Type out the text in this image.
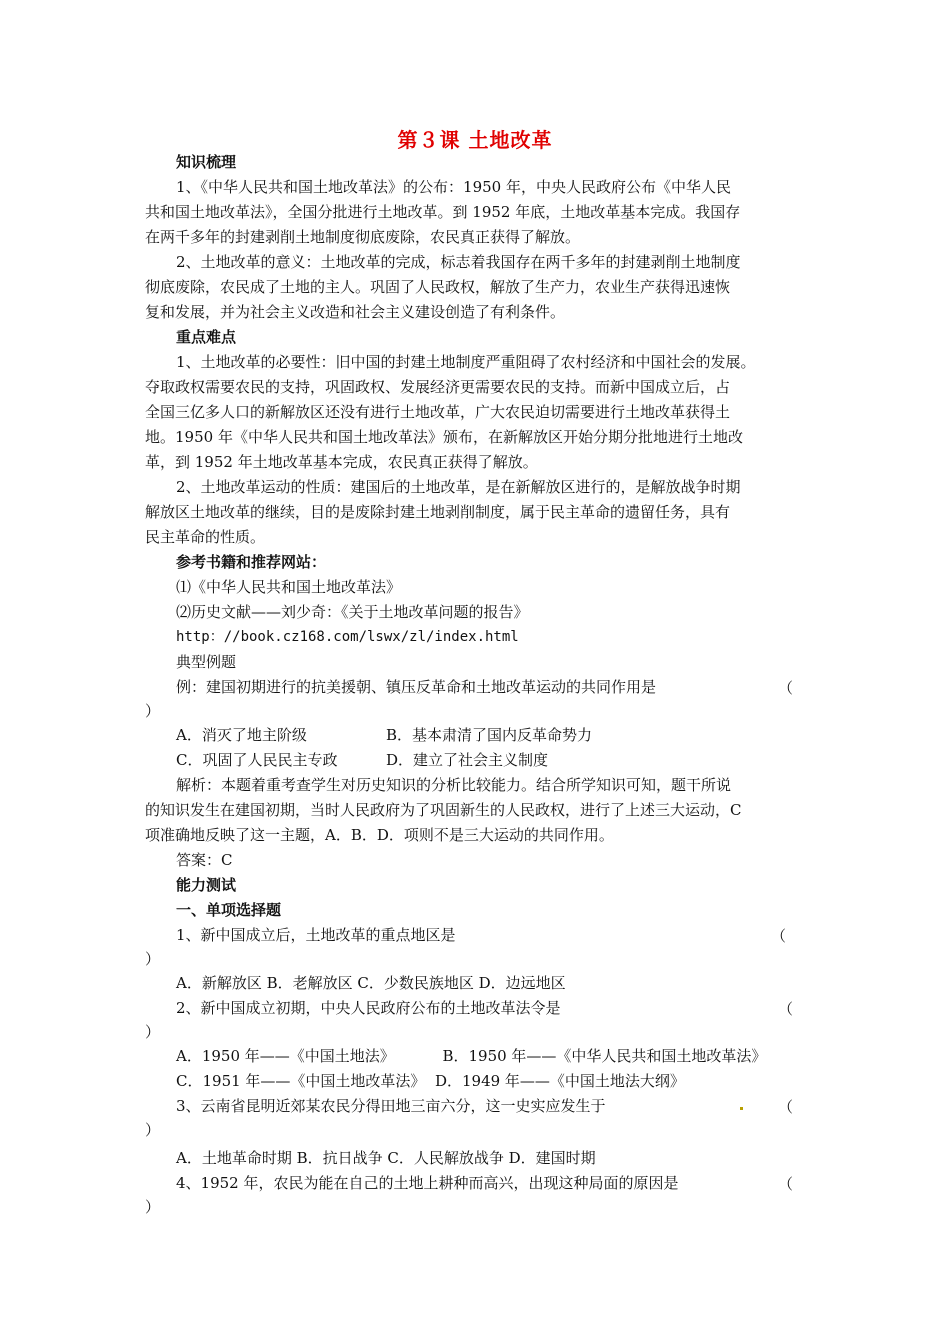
第３课 土地改革
知识梳理
1、《中华人民共和国土地改革法》的公布：1950 年，中央人民政府公布《中华人民
共和国土地改革法》，全国分批进行土地改革。到 1952 年底，土地改革基本完成。我国存
在两千多年的封建剥削土地制度彻底废除，农民真正获得了解放。
2、土地改革的意义：土地改革的完成，标志着我国存在两千多年的封建剥削土地制度
彻底废除，农民成了土地的主人。巩固了人民政权，解放了生产力，农业生产获得迅速恢
复和发展，并为社会主义改造和社会主义建设创造了有利条件。
重点难点
1、土地改革的必要性：旧中国的封建土地制度严重阻碍了农村经济和中国社会的发展。
夺取政权需要农民的支持，巩固政权、发展经济更需要农民的支持。而新中国成立后，占
全国三亿多人口的新解放区还没有进行土地改革，广大农民迫切需要进行土地改革获得土
地。1950 年《中华人民共和国土地改革法》颁布，在新解放区开始分期分批地进行土地改
革，到 1952 年土地改革基本完成，农民真正获得了解放。
2、土地改革运动的性质：建国后的土地改革，是在新解放区进行的，是解放战争时期
解放区土地改革的继续，目的是废除封建土地剥削制度，属于民主革命的遗留任务，具有
民主革命的性质。
参考书籍和推荐网站：
⑴《中华人民共和国土地改革法》
⑵历史文献——刘少奇：《关于土地改革问题的报告》
http：//book.cz168.com/lswx/zl/index.html
典型例题
例：建国初期进行的抗美援朝、镇压反革命和土地改革运动的共同作用是	（
）
A．消灭了地主阶级	B．基本肃清了国内反革命势力
C．巩固了人民民主专政	D．建立了社会主义制度
解析：本题着重考查学生对历史知识的分析比较能力。结合所学知识可知，题干所说
的知识发生在建国初期，当时人民政府为了巩固新生的人民政权，进行了上述三大运动，C
项准确地反映了这一主题，A．B．D．项则不是三大运动的共同作用。
答案：C
能力测试
一、单项选择题
1、新中国成立后，土地改革的重点地区是	（
）
A．新解放区 B．老解放区 C．少数民族地区 D．边远地区
2、新中国成立初期，中央人民政府公布的土地改革法令是	（
）
A．1950 年——《中国土地法》          B．1950 年——《中华人民共和国土地改革法》
C．1951 年——《中国土地改革法》  D．1949 年——《中国土地法大纲》
3、云南省昆明近郊某农民分得田地三亩六分，这一史实应发生于	（
）
A．土地革命时期 B．抗日战争 C．人民解放战争 D．建国时期
4、1952 年，农民为能在自己的土地上耕种而高兴，出现这种局面的原因是	（
）
